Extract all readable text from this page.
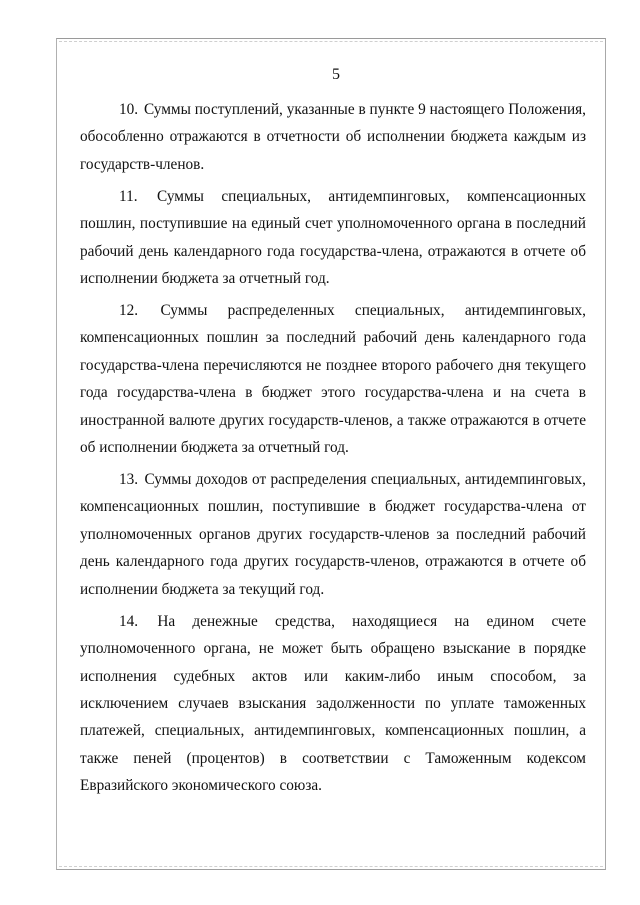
5

10. Суммы поступлений, указанные в пункте 9 настоящего Положения, обособленно отражаются в отчетности об исполнении бюджета каждым из государств-членов.

11. Суммы специальных, антидемпинговых, компенсационных пошлин, поступившие на единый счет уполномоченного органа в последний рабочий день календарного года государства-члена, отражаются в отчете об исполнении бюджета за отчетный год.

12. Суммы распределенных специальных, антидемпинговых, компенсационных пошлин за последний рабочий день календарного года государства-члена перечисляются не позднее второго рабочего дня текущего года государства-члена в бюджет этого государства-члена и на счета в иностранной валюте других государств-членов, а также отражаются в отчете об исполнении бюджета за отчетный год.

13. Суммы доходов от распределения специальных, антидемпинговых, компенсационных пошлин, поступившие в бюджет государства-члена от уполномоченных органов других государств-членов за последний рабочий день календарного года других государств-членов, отражаются в отчете об исполнении бюджета за текущий год.

14. На денежные средства, находящиеся на едином счете уполномоченного органа, не может быть обращено взыскание в порядке исполнения судебных актов или каким-либо иным способом, за исключением случаев взыскания задолженности по уплате таможенных платежей, специальных, антидемпинговых, компенсационных пошлин, а также пеней (процентов) в соответствии с Таможенным кодексом Евразийского экономического союза.
